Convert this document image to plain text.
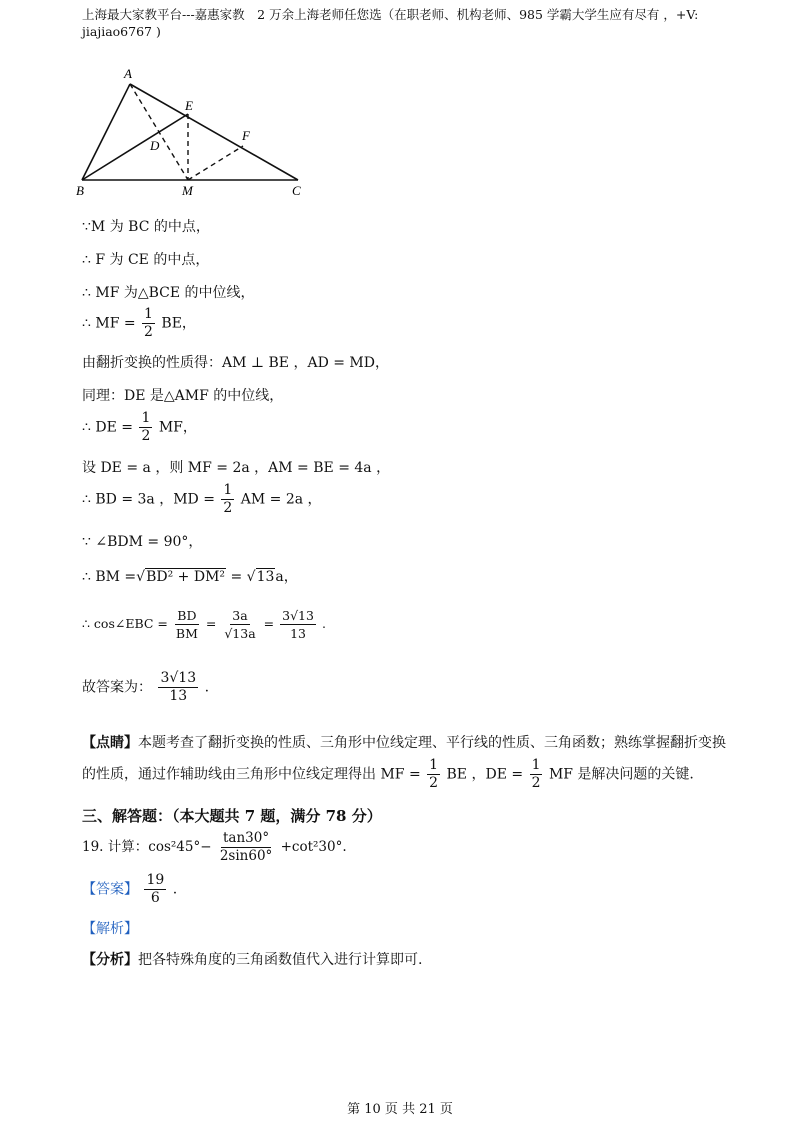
上海最大家教平台---嘉惠家教　2 万余上海老师任您选（在职老师、机构老师、985 学霸大学生应有尽有 ，+V: jiajiao6767 )
A
E
D
F
B	M	C
∵M 为 BC 的中点，
∴ F 为 CE 的中点，
∴ MF 为△BCE 的中位线，
∴ MF = $\frac{1}{2}$ BE，
由翻折变换的性质得：AM ⊥ BE ，AD = MD，
同理：DE 是△AMF 的中位线，
∴ DE = $\frac{1}{2}$ MF，
设 DE = a ，则 MF = 2a ，AM = BE = 4a ，
∴ BD = 3a ，MD = $\frac{1}{2}$ AM = 2a ，
∵ ∠BDM = 90°，
∴ BM =√BD² + DM² = √13a，
∴ cos∠EBC = $\frac{BD}{BM} = \frac{3a}{√13a} = \frac{3√13}{13}$ .
故答案为： $\frac{3√13}{13}$ .
【点睛】本题考查了翻折变换的性质、三角形中位线定理、平行线的性质、三角函数；熟练掌握翻折变换
的性质，通过作辅助线由三角形中位线定理得出 MF = $\frac{1}{2}$ BE ，DE = $\frac{1}{2}$ MF 是解决问题的关键.
三、解答题：（本大题共 7 题，满分 78 分）
19. 计算：$\cos^245^\circ- \frac{\tan 30^\circ}{2\sin 60^\circ} +\cot^230^\circ$.
【答案】 $\frac{19}{6}$ .
【解析】
【分析】把各特殊角度的三角函数值代入进行计算即可.
第 10 页 共 21 页
